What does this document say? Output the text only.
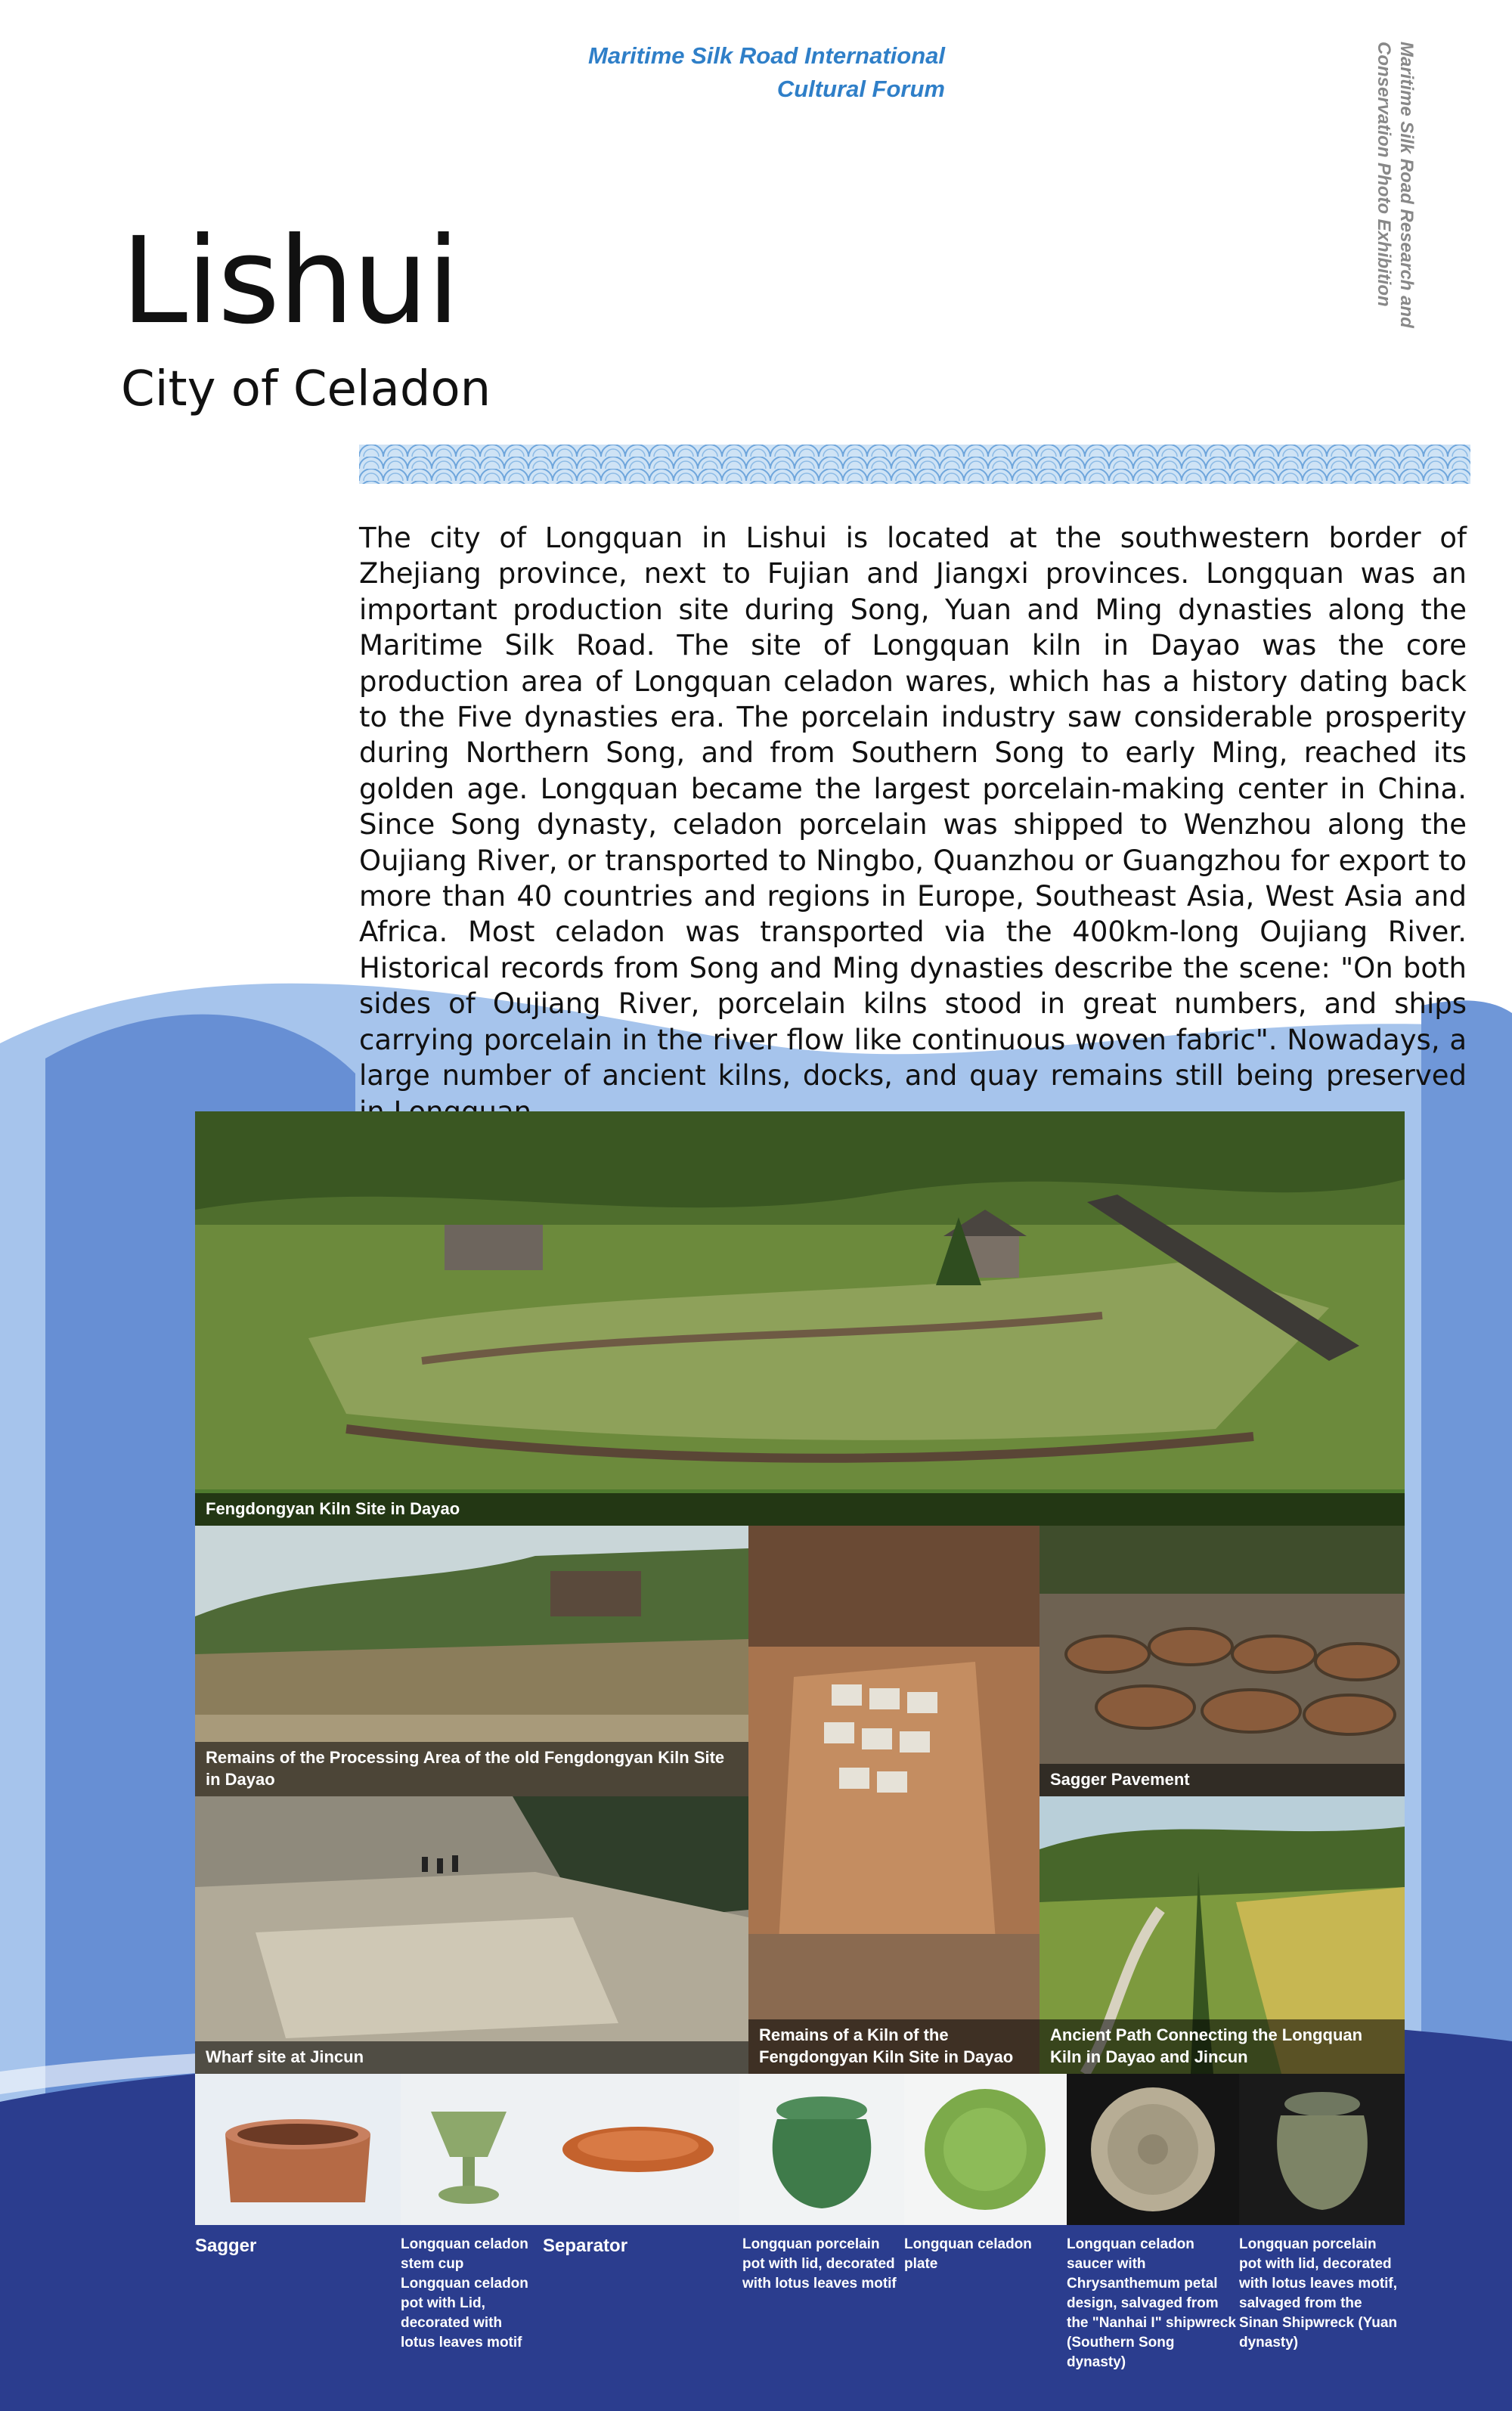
Maritime Silk Road International
Cultural Forum	Maritime Silk Road Research and
Conservation Photo Exhibition
Lishui
City of Celadon
The city of Longquan in Lishui is located at the southwestern border of Zhejiang province, next to Fujian and Jiangxi provinces. Longquan was an important production site during Song, Yuan and Ming dynasties along the Maritime Silk Road. The site of Longquan kiln in Dayao was the core production area of Longquan celadon wares, which has a history dating back to the Five dynasties era. The porcelain industry saw considerable prosperity during Northern Song, and from Southern Song to early Ming, reached its golden age. Longquan became the largest porcelain-making center in China. Since Song dynasty, celadon porcelain was shipped to Wenzhou along the Oujiang River, or transported to Ningbo, Quanzhou or Guangzhou for export to more than 40 countries and regions in Europe, Southeast Asia, West Asia and Africa. Most celadon was transported via the 400km-long Oujiang River. Historical records from Song and Ming dynasties describe the scene: "On both sides of Oujiang River, porcelain kilns stood in great numbers, and ships carrying porcelain in the river flow like continuous woven fabric". Nowadays, a large number of ancient kilns, docks, and quay remains still being preserved
Fengdongyan Kiln Site in Dayao
Remains of the Processing Area of the old Fengdongyan Kiln Site in Dayao
Remains of a Kiln of the Fengdongyan Kiln Site in Dayao
Sagger Pavement
Wharf site at Jincun
Ancient Path Connecting the Longquan Kiln in Dayao and Jincun
Sagger	Longquan celadon stem cup Longquan celadon pot with Lid, decorated with lotus leaves motif
Separator	Longquan porcelain pot with lid, decorated with lotus leaves motif
Longquan celadon plate
Longquan celadon saucer with Chrysanthemum petal design, salvaged from the "Nanhai I" shipwreck (Southern Song dynasty)
Longquan porcelain pot with lid, decorated with lotus leaves motif, salvaged from the Sinan Shipwreck (Yuan dynasty)
